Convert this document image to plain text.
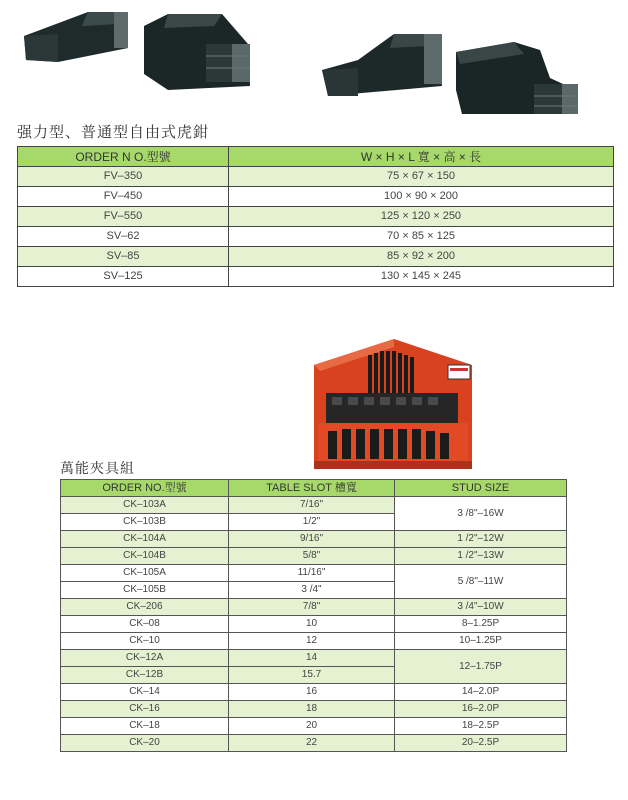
强力型、普通型自由式虎鉗
ORDER N O.型號	W × H × L 寬 × 高 × 長
FV–350	75 × 67 × 150
FV–450	100 × 90 × 200
FV–550	125 × 120 × 250
SV–62	70 × 85 × 125
SV–85	85 × 92 × 200
SV–125	130 × 145 × 245
萬能夾具組
ORDER NO.型號	TABLE SLOT 槽寬	STUD SIZE
CK–103A	7/16"	3 /8"–16W
CK–103B	1/2"	
CK–104A	9/16"	1 /2"–12W
CK–104B	5/8"	1 /2"–13W
CK–105A	11/16"	5 /8"–11W
CK–105B	3 /4"	
CK–206	7/8"	3 /4"–10W
CK–08	10	8–1.25P
CK–10	12	10–1.25P
CK–12A	14	12–1.75P
CK–12B	15.7	
CK–14	16	14–2.0P
CK–16	18	16–2.0P
CK–18	20	18–2.5P
CK–20	22	20–2.5P
